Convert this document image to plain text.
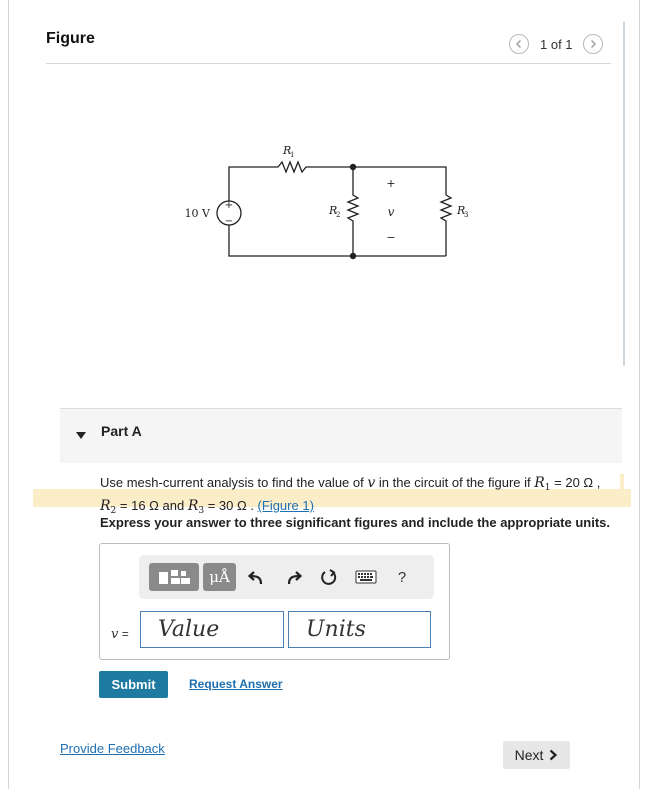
Figure	1 of 1
+
−
10 V
R
1
R
2	R
3
+
v
−
Part A
Use mesh-current analysis to find the value of v in the circuit of the figure if $R_1 = 20$ Ω ,
$R_2 = 16$ Ω and $R_3 = 30$ Ω . (Figure 1)
Express your answer to three significant figures and include the appropriate units.
μÅ	?
v =	Value	Units
Submit	Request Answer
Provide Feedback	Next
